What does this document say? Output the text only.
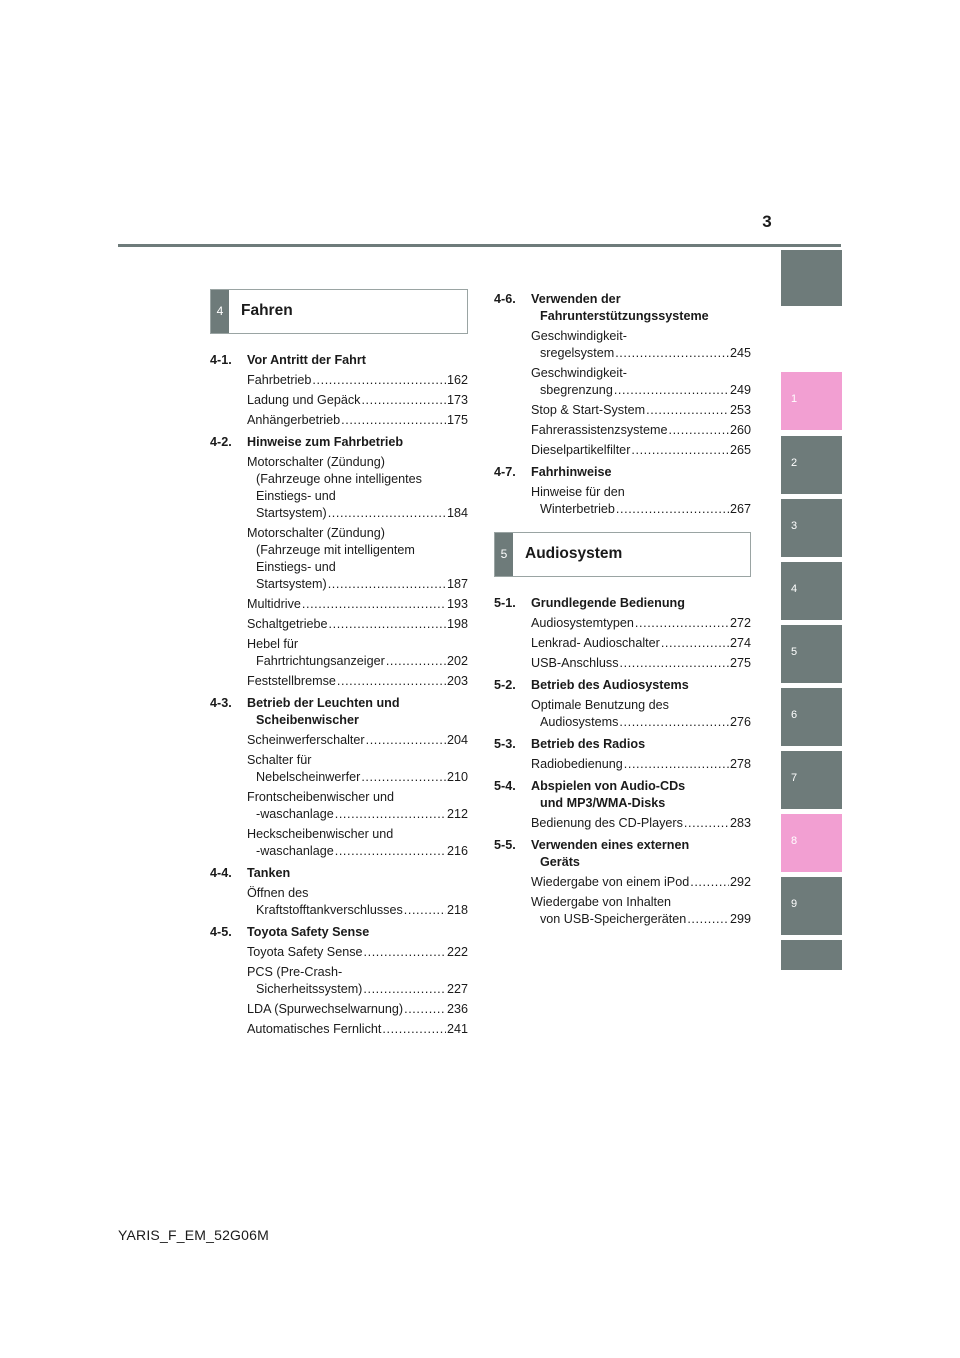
3
1
2
3
4
5
6
7
8
9
4	Fahren
4-1. Vor Antritt der Fahrt
Fahrbetrieb .....	162
Ladung und Gepäck .....	173
Anhängerbetrieb .....	175
4-2. Hinweise zum Fahrbetrieb
Motorschalter (Zündung)
(Fahrzeuge ohne intelligentes
Einstiegs- und
Startsystem) .....	184
Motorschalter (Zündung)
(Fahrzeuge mit intelligentem
Einstiegs- und
Startsystem) .....	187
Multidrive .....	193
Schaltgetriebe .....	198
Hebel für
Fahrtrichtungsanzeiger .....	202
Feststellbremse .....	203
4-3. Betrieb der Leuchten und
Scheibenwischer
Scheinwerferschalter .....	204
Schalter für
Nebelscheinwerfer .....	210
Frontscheibenwischer und
-waschanlage .....	212
Heckscheibenwischer und
-waschanlage .....	216
4-4. Tanken
Öffnen des
Kraftstofftankverschlusses .....	218
4-5. Toyota Safety Sense
Toyota Safety Sense .....	222
PCS (Pre-Crash-
Sicherheitssystem) .....	227
LDA (Spurwechselwarnung) .....	236
Automatisches Fernlicht .....	241
4-6. Verwenden der
Fahrunterstützungssysteme
Geschwindigkeit-
sregelsystem .....	245
Geschwindigkeit-
sbegrenzung .....	249
Stop & Start-System .....	253
Fahrerassistenzsysteme .....	260
Dieselpartikelfilter .....	265
4-7. Fahrhinweise
Hinweise für den
Winterbetrieb .....	267
5	Audiosystem
5-1. Grundlegende Bedienung
Audiosystemtypen .....	272
Lenkrad- Audioschalter .....	274
USB-Anschluss .....	275
5-2. Betrieb des Audiosystems
Optimale Benutzung des
Audiosystems .....	276
5-3. Betrieb des Radios
Radiobedienung .....	278
5-4. Abspielen von Audio-CDs
und MP3/WMA-Disks
Bedienung des CD-Players .....	283
5-5. Verwenden eines externen
Geräts
Wiedergabe von einem iPod .....	292
Wiedergabe von Inhalten
von USB-Speichergeräten .....	299
YARIS_F_EM_52G06M
